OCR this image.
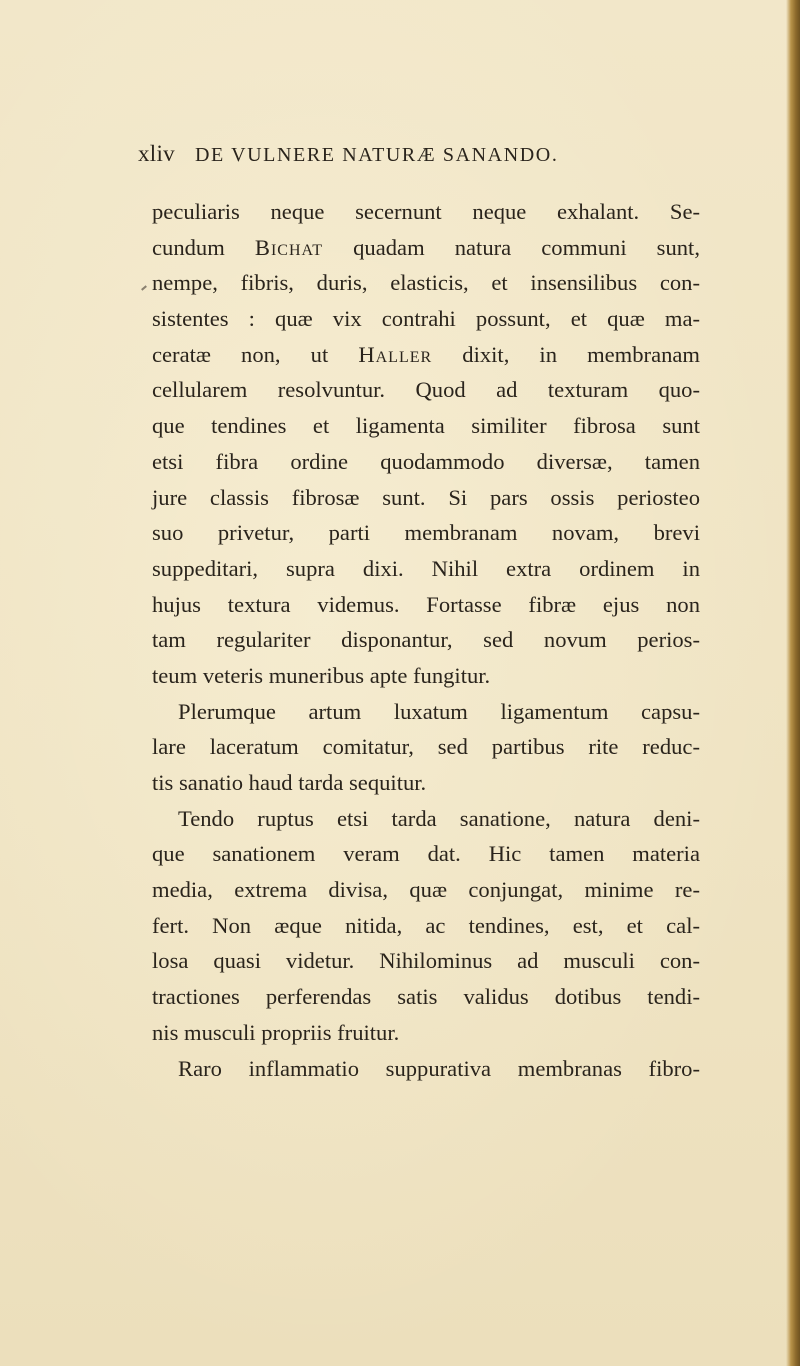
xliv DE VULNERE NATURÆ SANANDO.
peculiaris neque secernunt neque exhalant. Se-
cundum Bichat quadam natura communi sunt,
nempe, fibris, duris, elasticis, et insensilibus con-
sistentes : quæ vix contrahi possunt, et quæ ma-
ceratæ non, ut Haller dixit, in membranam
cellularem resolvuntur. Quod ad texturam quo-
que tendines et ligamenta similiter fibrosa sunt
etsi fibra ordine quodammodo diversæ, tamen
jure classis fibrosæ sunt. Si pars ossis periosteo
suo privetur, parti membranam novam, brevi
suppeditari, supra dixi. Nihil extra ordinem in
hujus textura videmus. Fortasse fibræ ejus non
tam regulariter disponantur, sed novum perios-
teum veteris muneribus apte fungitur.
Plerumque artum luxatum ligamentum capsu-
lare laceratum comitatur, sed partibus rite reduc-
tis sanatio haud tarda sequitur.
Tendo ruptus etsi tarda sanatione, natura deni-
que sanationem veram dat. Hic tamen materia
media, extrema divisa, quæ conjungat, minime re-
fert. Non æque nitida, ac tendines, est, et cal-
losa quasi videtur. Nihilominus ad musculi con-
tractiones perferendas satis validus dotibus tendi-
nis musculi propriis fruitur.
Raro inflammatio suppurativa membranas fibro-
